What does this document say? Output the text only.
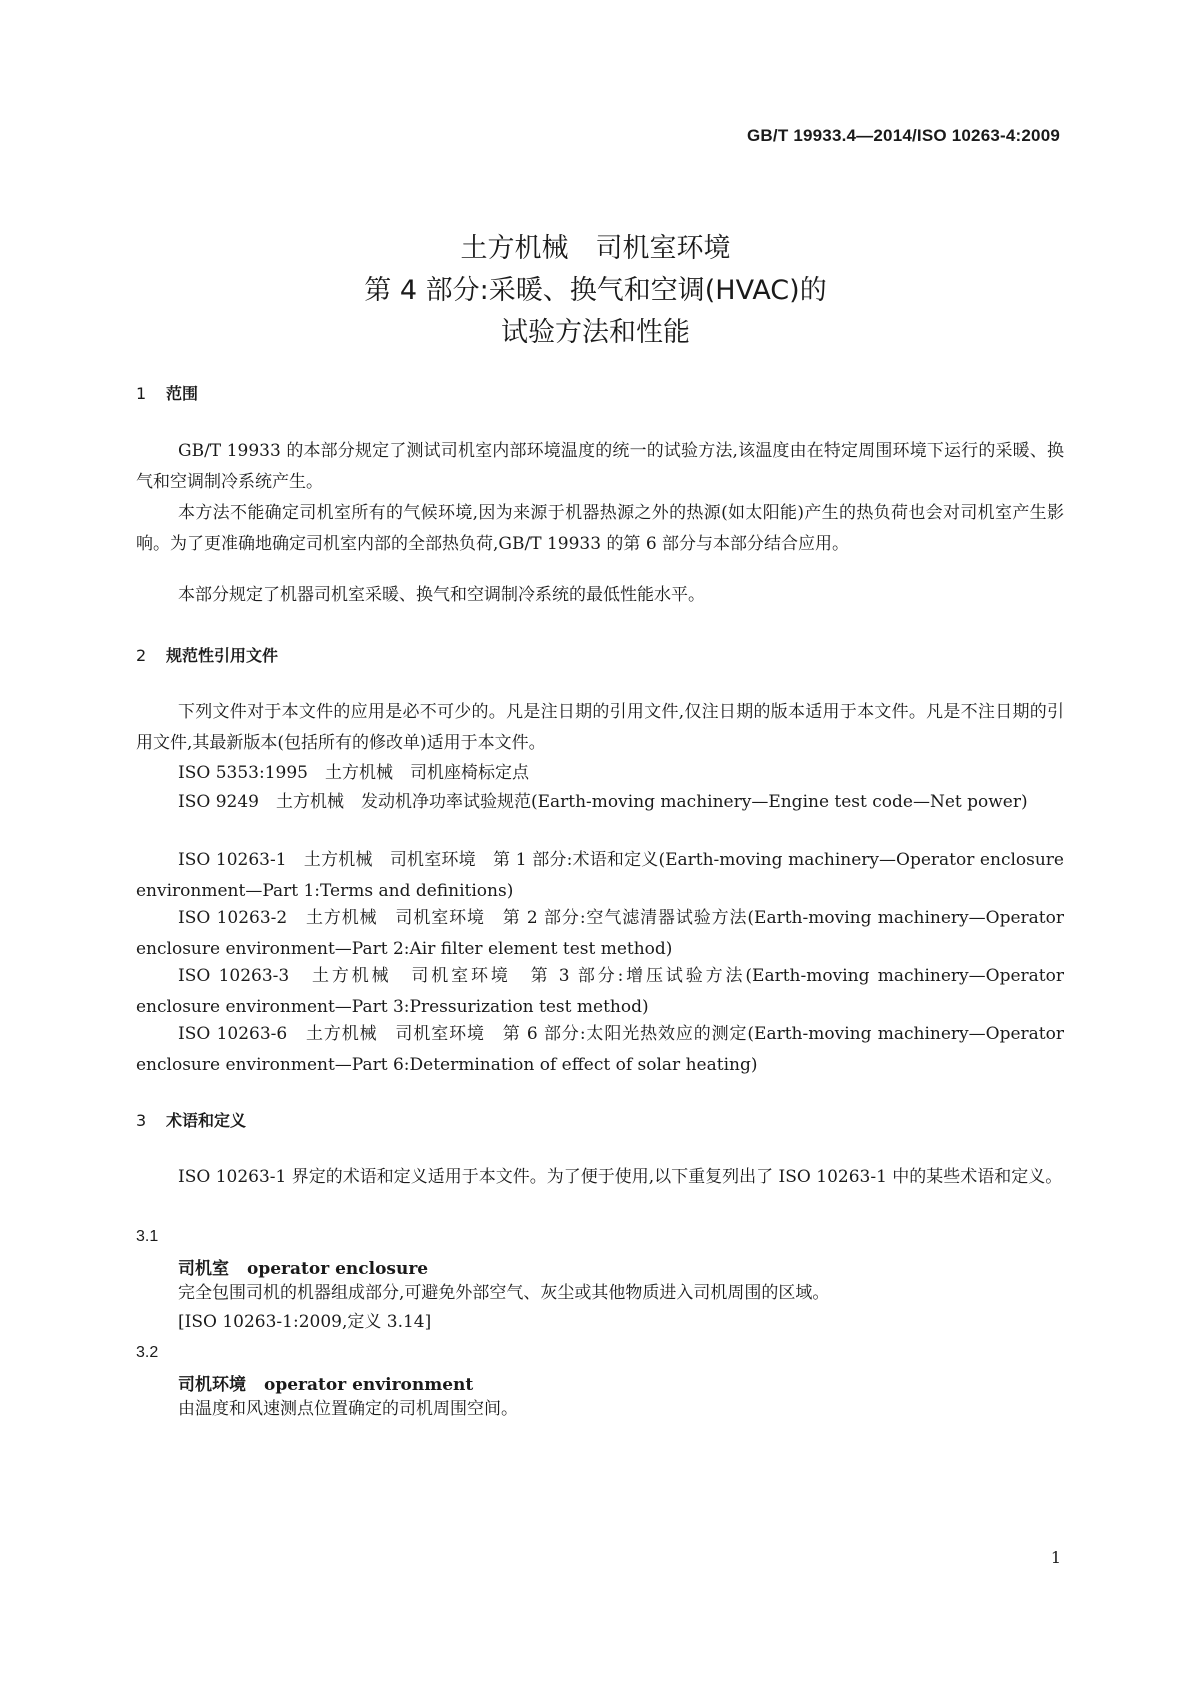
GB/T 19933.4—2014/ISO 10263-4:2009
土方机械　司机室环境
第 4 部分:采暖、换气和空调(HVAC)的
试验方法和性能
1 范围
GB/T 19933 的本部分规定了测试司机室内部环境温度的统一的试验方法,该温度由在特定周围环境下运行的采暖、换气和空调制冷系统产生。
本方法不能确定司机室所有的气候环境,因为来源于机器热源之外的热源(如太阳能)产生的热负荷也会对司机室产生影响。为了更准确地确定司机室内部的全部热负荷,GB/T 19933 的第 6 部分与本部分结合应用。
本部分规定了机器司机室采暖、换气和空调制冷系统的最低性能水平。
2 规范性引用文件
下列文件对于本文件的应用是必不可少的。凡是注日期的引用文件,仅注日期的版本适用于本文件。凡是不注日期的引用文件,其最新版本(包括所有的修改单)适用于本文件。
ISO 5353:1995　土方机械　司机座椅标定点
ISO 9249　土方机械　发动机净功率试验规范(Earth-moving machinery—Engine test code—Net power)
ISO 10263-1　土方机械　司机室环境　第 1 部分:术语和定义(Earth-moving machinery—Operator enclosure environment—Part 1:Terms and definitions)
ISO 10263-2　土方机械　司机室环境　第 2 部分:空气滤清器试验方法(Earth-moving machinery—Operator enclosure environment—Part 2:Air filter element test method)
ISO 10263-3　土方机械　司机室环境　第 3 部分:增压试验方法(Earth-moving machinery—Operator enclosure environment—Part 3:Pressurization test method)
ISO 10263-6　土方机械　司机室环境　第 6 部分:太阳光热效应的测定(Earth-moving machinery—Operator enclosure environment—Part 6:Determination of effect of solar heating)
3 术语和定义
ISO 10263-1 界定的术语和定义适用于本文件。为了便于使用,以下重复列出了 ISO 10263-1 中的某些术语和定义。
3.1
司机室 operator enclosure
完全包围司机的机器组成部分,可避免外部空气、灰尘或其他物质进入司机周围的区域。
[ISO 10263-1:2009,定义 3.14]
3.2
司机环境 operator environment
由温度和风速测点位置确定的司机周围空间。
1
